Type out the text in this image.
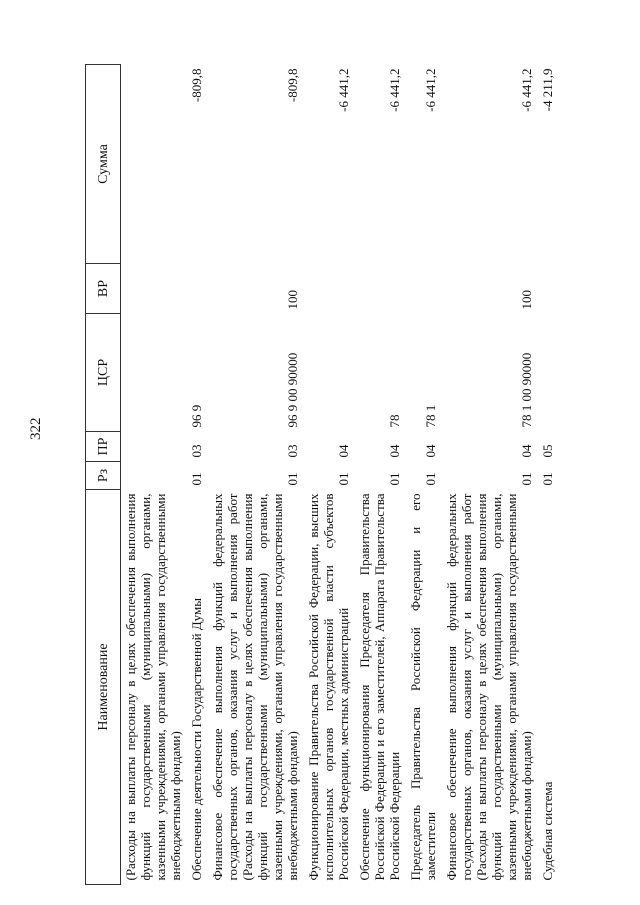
322
Наименование	Рз	ПР	ЦСР	ВР	Сумма
(Расходы на выплаты персоналу в целях обеспечения выполнения функций государственными (муниципальными) органами, казенными учреждениями, органами управления государственными внебюджетными фондами)					
Обеспечение деятельности Государственной Думы	01	03	96 9		-809,8
Финансовое обеспечение выполнения функций федеральных государственных органов, оказания услуг и выполнения работ (Расходы на выплаты персоналу в целях обеспечения выполнения функций государственными (муниципальными) органами, казенными учреждениями, органами управления государственными внебюджетными фондами)	01	03	96 9 00 90000	100	-809,8
Функционирование Правительства Российской Федерации, высших исполнительных органов государственной власти субъектов Российской Федерации, местных администраций	01	04			-6 441,2
Обеспечение функционирования Председателя Правительства Российской Федерации и его заместителей, Аппарата Правительства Российской Федерации	01	04	78		-6 441,2
Председатель Правительства Российской Федерации и его заместители	01	04	78 1		-6 441,2
Финансовое обеспечение выполнения функций федеральных государственных органов, оказания услуг и выполнения работ (Расходы на выплаты персоналу в целях обеспечения выполнения функций государственными (муниципальными) органами, казенными учреждениями, органами управления государственными внебюджетными фондами)	01	04	78 1 00 90000	100	-6 441,2
Судебная система	01	05			-4 211,9
